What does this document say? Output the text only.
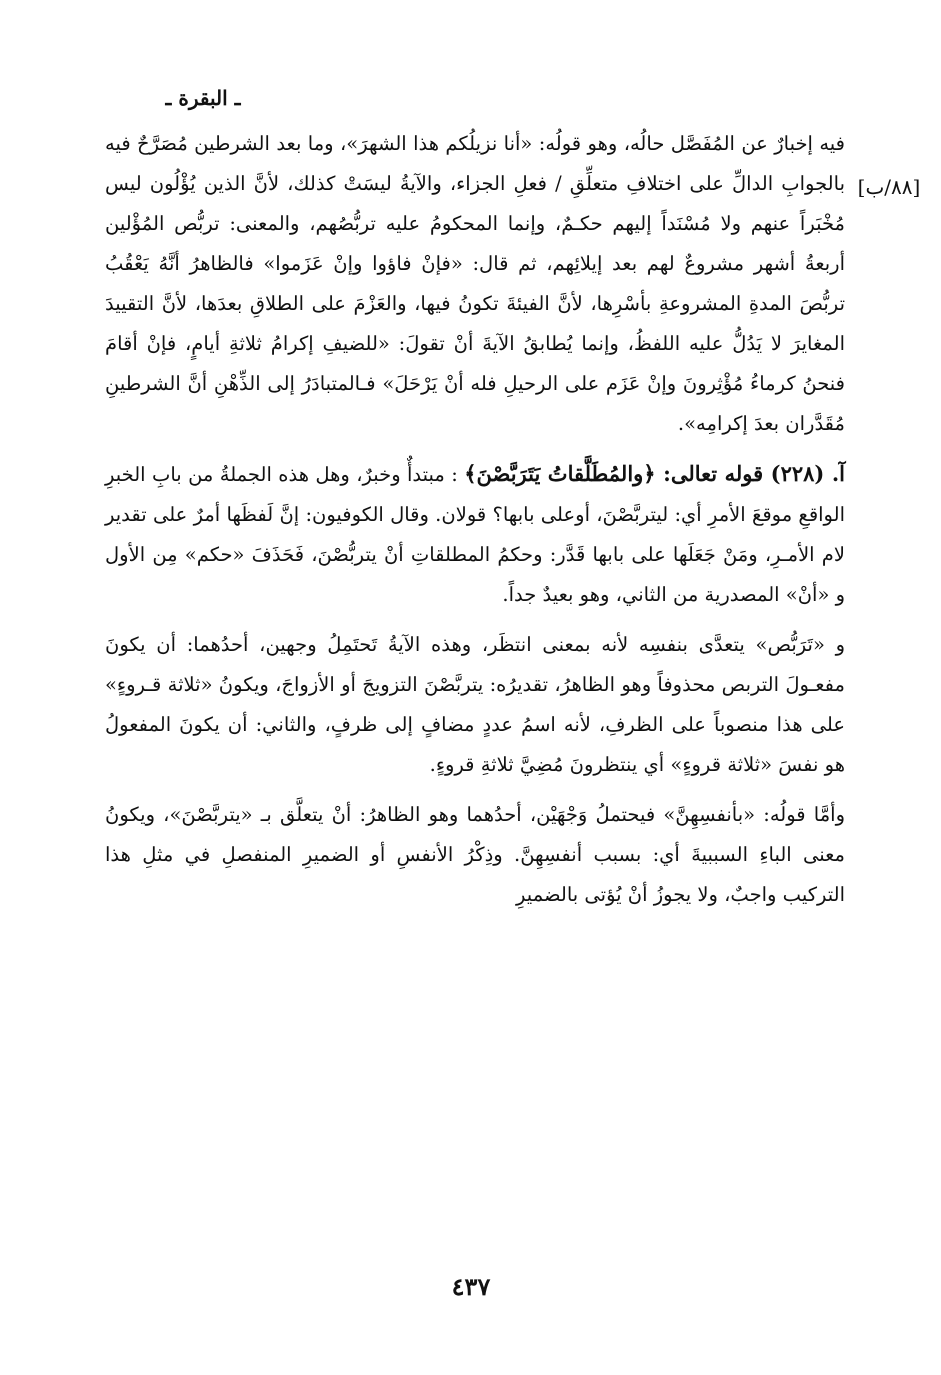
ـ البقرة ـ
[٨٨/ب]

فيه إخبارٌ عن المُفَصَّل حالُه، وهو قولُه: «أنا نزيلُكم هذا الشهرَ»، وما بعد الشرطين مُصَرَّحٌ فيه بالجوابِ الدالِّ على اختلافِ متعلِّقِ / فعلِ الجزاء، والآيةُ ليسَتْ كذلك، لأنَّ الذين يُؤْلُون ليس مُخْبَراً عنهم ولا مُسْنَداً إليهم حكـمٌ، وإنما المحكومُ عليه تربُّصُهم، والمعنى: تربُّص المُؤْلين أربعةُ أشهر مشروعٌ لهم بعد إيلائِهم، ثم قال: «فإنْ فاؤوا وإنْ عَزَموا» فالظاهرُ أنَّهُ يَعْقُبُ تربُّصَ المدةِ المشروعةِ بأسْرِها، لأنَّ الفيئةَ تكونُ فيها، والعَزْمَ على الطلاقِ بعدَها، لأنَّ التقييدَ المغايرَ لا يَدُلُّ عليه اللفظُ، وإنما يُطابقُ الآيةَ أنْ تقولَ: «للضيفِ إكرامُ ثلاثةِ أيامٍ، فإنْ أقامَ فنحنُ كرماءُ مُؤْثِرونَ وإنْ عَزَم على الرحيلِ فله أنْ يَرْحَلَ» فـالمتبادَرُ إلى الذِّهْنِ أنَّ الشرطينِ مُقَدَّران بعدَ إكرامِه».

آ. (٢٢٨) قوله تعالى: ﴿والمُطَلَّقاتُ يَتَرَبَّصْنَ﴾ : مبتدأٌ وخبرٌ، وهل هذه الجملةُ من بابِ الخبرِ الواقعِ موقعَ الأمرِ أي: ليتربَّصْنَ، أوعلى بابها؟ قولان. وقال الكوفيون: إنَّ لَفظَها أمرٌ على تقدير لام الأمـرِ، ومَنْ جَعَلَها على بابها قَدَّر: وحكمُ المطلقاتِ أنْ يتربُّصْنَ، فَحَذَفَ «حكم» مِن الأول و «أنْ» المصدرية من الثاني، وهو بعيدٌ جداً.

و «تَرَبُّص» يتعدَّى بنفسِه لأنه بمعنى انتظَر، وهذه الآيةُ تَحتَمِلُ وجهين، أحدُهما: أن يكونَ مفعـولَ التربص محذوفاً وهو الظاهرُ، تقديرُه: يتربَّصْنَ التزويجَ أو الأزواجَ، ويكونُ «ثلاثة قـروءٍ» على هذا منصوباً على الظرفِ، لأنه اسمُ عددٍ مضافٍ إلى ظرفٍ، والثاني: أن يكونَ المفعولُ هو نفسَ «ثلاثة قروءٍ» أي ينتظرونَ مُضِيَّ ثلاثةِ قروءٍ.

وأمَّا قولُه: «بأنفسِهِنَّ» فيحتملُ وَجْهَيْن، أحدُهما وهو الظاهرُ: أنْ يتعلَّق بـ «يتربَّصْنَ»، ويكونُ معنى الباءِ السببيةَ أي: بسبب أنفسِهِنَّ. وذِكْرُ الأنفسِ أو الضميرِ المنفصلِ في مثلِ هذا التركيب واجبٌ، ولا يجوزُ أنْ يُؤتى بالضميرِ

٤٣٧
